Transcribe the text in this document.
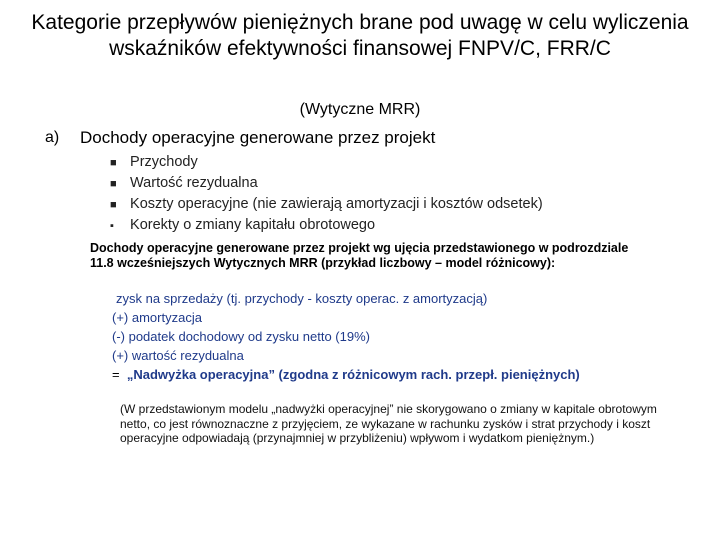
Kategorie przepływów pieniężnych brane pod uwagę w celu wyliczenia wskaźników efektywności finansowej FNPV/C, FRR/C
(Wytyczne MRR)
a) Dochody operacyjne generowane przez projekt
■ Przychody
■ Wartość rezydualna
■ Koszty operacyjne (nie zawierają amortyzacji i kosztów odsetek)
▪ Korekty o zmiany kapitału obrotowego
Dochody operacyjne generowane przez projekt wg ujęcia przedstawionego w podrozdziale 11.8 wcześniejszych Wytycznych MRR (przykład liczbowy – model różnicowy):
zysk na sprzedaży (tj. przychody - koszty operac. z amortyzacją)
(+) amortyzacja
(-) podatek dochodowy od zysku netto (19%)
(+) wartość rezydualna
= „Nadwyżka operacyjna” (zgodna z różnicowym rach. przepł. pieniężnych)
(W przedstawionym modelu „nadwyżki operacyjnej” nie skorygowano o zmiany w kapitale obrotowym netto, co jest równoznaczne z przyjęciem, ze wykazane w rachunku zysków i strat przychody i koszt operacyjne odpowiadają (przynajmniej w przybliżeniu) wpływom i wydatkom pieniężnym.)
